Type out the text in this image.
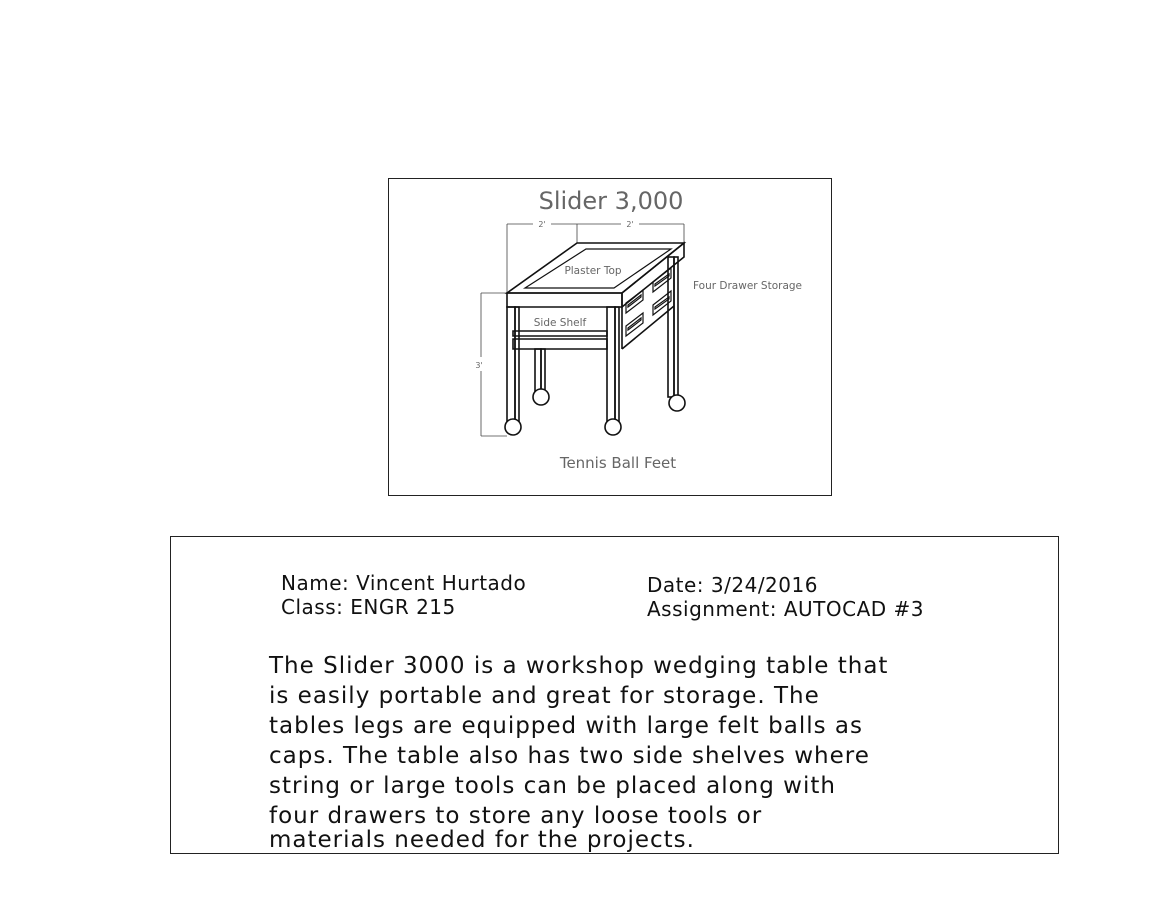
Slider 3,000
2'	2'
3'
Plaster Top
Side Shelf
Four Drawer Storage
Tennis Ball Feet
Name: Vincent Hurtado
Class: ENGR 215
Date: 3/24/2016
Assignment: AUTOCAD #3
The Slider 3000 is a workshop wedging table that
is easily portable and great for storage. The
tables legs are equipped with large felt balls as
caps. The table also has two side shelves where
string or large tools can be placed along with
four drawers to store any loose tools or
materials needed for the projects.
